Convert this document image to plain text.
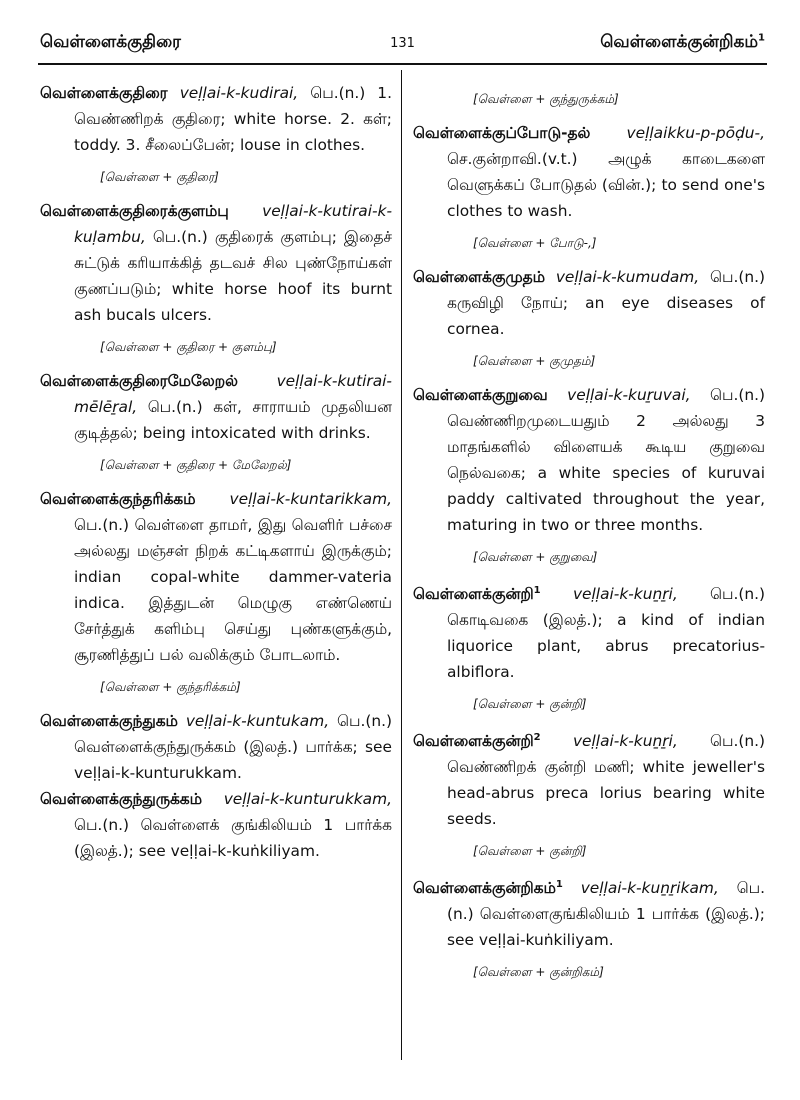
வெள்ளைக்குதிரை	131	வெள்ளைக்குன்றிகம்$^1$

வெள்ளைக்குதிரை veḷḷai-k-kudirai, பெ.(n.) 1. வெண்ணிறக் குதிரை; white horse. 2. கள்; toddy. 3. சீலைப்பேன்; louse in clothes.

[வெள்ளை + குதிரை]

வெள்ளைக்குதிரைக்குளம்பு veḷḷai-k-kutirai-k-kuḷambu, பெ.(n.) குதிரைக் குளம்பு; இதைச் சுட்டுக் கரியாக்கித் தடவச் சில புண்நோய்கள் குணப்படும்; white horse hoof its burnt ash bucals ulcers.

[வெள்ளை + குதிரை + குளம்பு]

வெள்ளைக்குதிரைமேலேறல்	veḷḷai-k-kutirai-mēlēṟal, பெ.(n.) கள், சாராயம் முதலியன குடித்தல்; being intoxicated with drinks.

[வெள்ளை + குதிரை + மேலேறல்]

வெள்ளைக்குந்தரிக்கம் veḷḷai-k-kuntarikkam, பெ.(n.) வெள்ளை தாமர், இது வெளிர் பச்சை அல்லது மஞ்சள் நிறக் கட்டிகளாய் இருக்கும்; indian copal-white dammer-vateria indica. இத்துடன் மெழுகு எண்ணெய் சேர்த்துக் களிம்பு செய்து புண்களுக்கும், சூரணித்துப் பல் வலிக்கும் போடலாம்.

[வெள்ளை + குந்தரிக்கம்]

வெள்ளைக்குந்துகம் veḷḷai-k-kuntukam, பெ.(n.) வெள்ளைக்குந்துருக்கம் (இலத்.) பார்க்க; see veḷḷai-k-kunturukkam.

வெள்ளைக்குந்துருக்கம் veḷḷai-k-kunturukkam, பெ.(n.) வெள்ளைக் குங்கிலியம் 1 பார்க்க (இலத்.); see veḷḷai-k-kuṅkiliyam.

[வெள்ளை + குந்துருக்கம்]

வெள்ளைக்குப்போடு-தல் veḷḷaikku-p-pōḍu-, செ.குன்றாவி.(v.t.) அழுக் காடைகளை வெளுக்கப் போடுதல் (வின்.); to send one's clothes to wash.

[வெள்ளை + போடு-,]

வெள்ளைக்குமுதம் veḷḷai-k-kumudam, பெ.(n.) கருவிழி நோய்; an eye diseases of cornea.

[வெள்ளை + குமுதம்]

வெள்ளைக்குறுவை veḷḷai-k-kuṟuvai, பெ.(n.) வெண்ணிறமுடையதும் 2 அல்லது 3 மாதங்களில் விளையக் கூடிய குறுவை நெல்வகை; a white species of kuruvai paddy caltivated throughout the year, maturing in two or three months.

[வெள்ளை + குறுவை]

வெள்ளைக்குன்றி$^1$ veḷḷai-k-kuṉṟi, பெ.(n.) கொடிவகை (இலத்.); a kind of indian liquorice plant, abrus precatorius-albiflora.

[வெள்ளை + குன்றி]

வெள்ளைக்குன்றி$^2$ veḷḷai-k-kuṉṟi, பெ.(n.) வெண்ணிறக் குன்றி மணி; white jeweller's head-abrus preca lorius bearing white seeds.

[வெள்ளை + குன்றி]

வெள்ளைக்குன்றிகம்$^1$ veḷḷai-k-kuṉṟikam, பெ.(n.) வெள்ளைகுங்கிலியம் 1 பார்க்க (இலத்.); see veḷḷai-kuṅkiliyam.

[வெள்ளை + குன்றிகம்]
